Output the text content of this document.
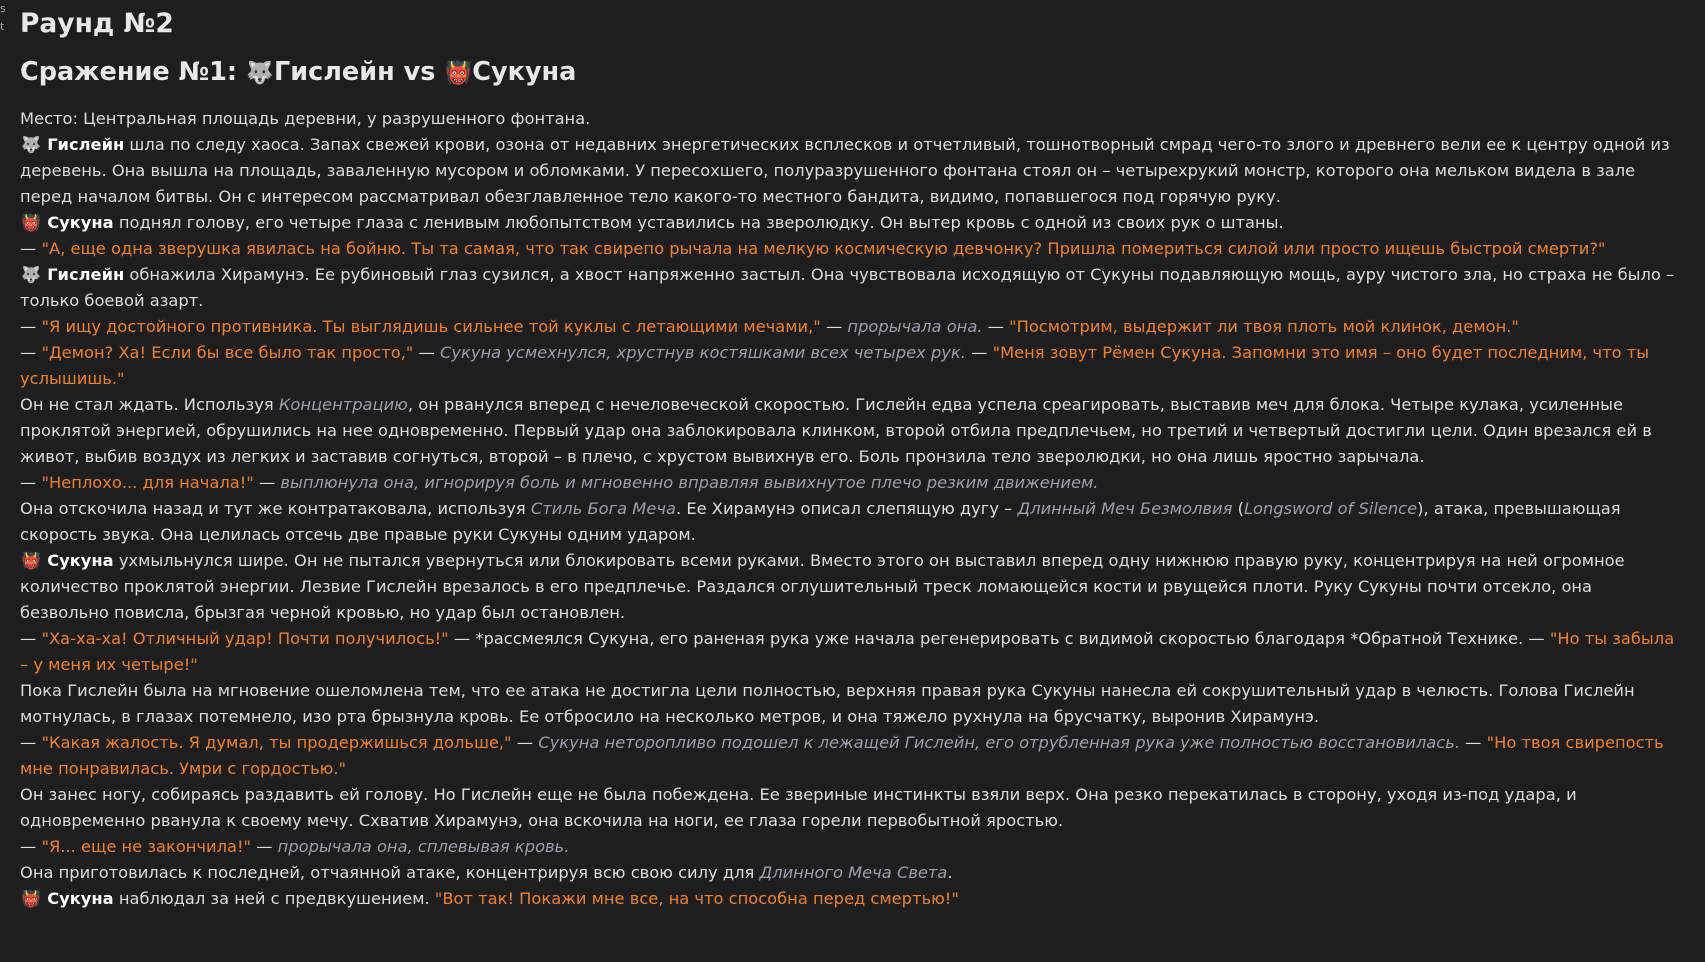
s
t Раунд №2
Сражение №1: 🐺Гислейн vs 👹Сукуна

Место: Центральная площадь деревни, у разрушенного фонтана.

🐺 Гислейн шла по следу хаоса. Запах свежей крови, озона от недавних энергетических всплесков и отчетливый, тошнотворный смрад чего-то злого и древнего вели ее к центру одной из деревень. Она вышла на площадь, заваленную мусором и обломками. У пересохшего, полуразрушенного фонтана стоял он – четырехрукий монстр, которого она мельком видела в зале перед началом битвы. Он с интересом рассматривал обезглавленное тело какого-то местного бандита, видимо, попавшегося под горячую руку.

👹 Сукуна поднял голову, его четыре глаза с ленивым любопытством уставились на зверолюдку. Он вытер кровь с одной из своих рук о штаны.

— "А, еще одна зверушка явилась на бойню. Ты та самая, что так свирепо рычала на мелкую космическую девчонку? Пришла помериться силой или просто ищешь быстрой смерти?"

🐺 Гислейн обнажила Хирамунэ. Ее рубиновый глаз сузился, а хвост напряженно застыл. Она чувствовала исходящую от Сукуны подавляющую мощь, ауру чистого зла, но страха не было – только боевой азарт.

— "Я ищу достойного противника. Ты выглядишь сильнее той куклы с летающими мечами," — прорычала она. — "Посмотрим, выдержит ли твоя плоть мой клинок, демон."

— "Демон? Ха! Если бы все было так просто," — Сукуна усмехнулся, хрустнув костяшками всех четырех рук. — "Меня зовут Рёмен Сукуна. Запомни это имя – оно будет последним, что ты услышишь."

Он не стал ждать. Используя Концентрацию, он рванулся вперед с нечеловеческой скоростью. Гислейн едва успела среагировать, выставив меч для блока. Четыре кулака, усиленные проклятой энергией, обрушились на нее одновременно. Первый удар она заблокировала клинком, второй отбила предплечьем, но третий и четвертый достигли цели. Один врезался ей в живот, выбив воздух из легких и заставив согнуться, второй – в плечо, с хрустом вывихнув его. Боль пронзила тело зверолюдки, но она лишь яростно зарычала.

— "Неплохо... для начала!" — выплюнула она, игнорируя боль и мгновенно вправляя вывихнутое плечо резким движением.

Она отскочила назад и тут же контратаковала, используя Стиль Бога Меча. Ее Хирамунэ описал слепящую дугу – Длинный Меч Безмолвия (Longsword of Silence), атака, превышающая скорость звука. Она целилась отсечь две правые руки Сукуны одним ударом.

👹 Сукуна ухмыльнулся шире. Он не пытался увернуться или блокировать всеми руками. Вместо этого он выставил вперед одну нижнюю правую руку, концентрируя на ней огромное количество проклятой энергии. Лезвие Гислейн врезалось в его предплечье. Раздался оглушительный треск ломающейся кости и рвущейся плоти. Руку Сукуны почти отсекло, она безвольно повисла, брызгая черной кровью, но удар был остановлен.

— "Ха-ха-ха! Отличный удар! Почти получилось!" — *рассмеялся Сукуна, его раненая рука уже начала регенерировать с видимой скоростью благодаря *Обратной Технике. — "Но ты забыла – у меня их четыре!"

Пока Гислейн была на мгновение ошеломлена тем, что ее атака не достигла цели полностью, верхняя правая рука Сукуны нанесла ей сокрушительный удар в челюсть. Голова Гислейн мотнулась, в глазах потемнело, изо рта брызнула кровь. Ее отбросило на несколько метров, и она тяжело рухнула на брусчатку, выронив Хирамунэ.

— "Какая жалость. Я думал, ты продержишься дольше," — Сукуна неторопливо подошел к лежащей Гислейн, его отрубленная рука уже полностью восстановилась. — "Но твоя свирепость мне понравилась. Умри с гордостью."

Он занес ногу, собираясь раздавить ей голову. Но Гислейн еще не была побеждена. Ее звериные инстинкты взяли верх. Она резко перекатилась в сторону, уходя из-под удара, и одновременно рванула к своему мечу. Схватив Хирамунэ, она вскочила на ноги, ее глаза горели первобытной яростью.

— "Я... еще не закончила!" — прорычала она, сплевывая кровь.

Она приготовилась к последней, отчаянной атаке, концентрируя всю свою силу для Длинного Меча Света.

👹 Сукуна наблюдал за ней с предвкушением. "Вот так! Покажи мне все, на что способна перед смертью!"
